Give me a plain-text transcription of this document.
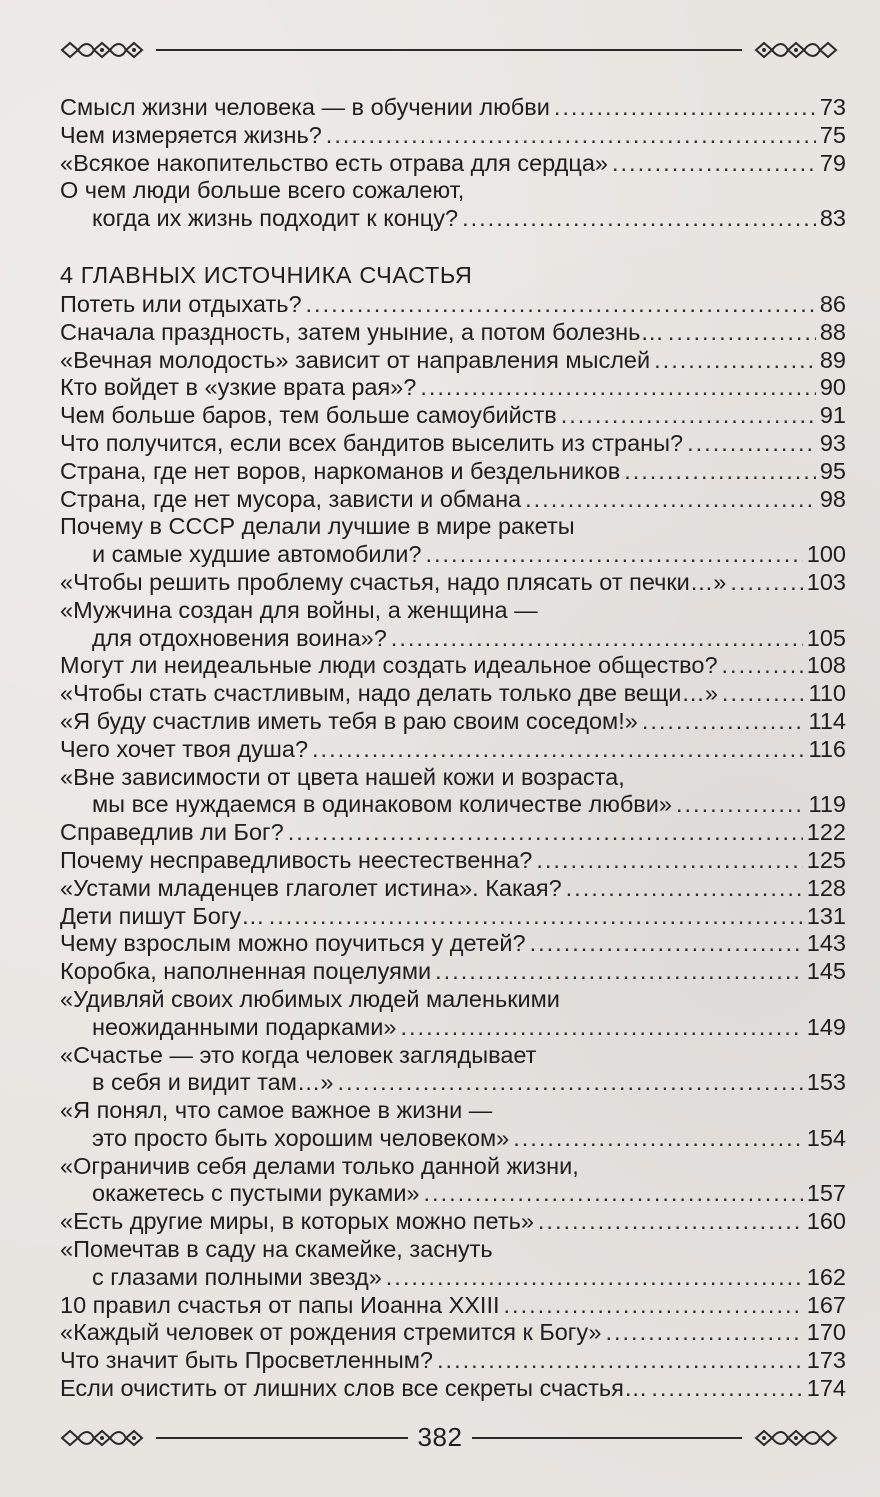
Смысл жизни человека — в обучении любви .....	73
Чем измеряется жизнь? .....	75
«Всякое накопительство есть отрава для сердца» .....	79
О чем люди больше всего сожалеют,
когда их жизнь подходит к концу? .....	83
4 ГЛАВНЫХ ИСТОЧНИКА СЧАСТЬЯ
Потеть или отдыхать? .....	86
Сначала праздность, затем уныние, а потом болезнь… .....	88
«Вечная молодость» зависит от направления мыслей .....	89
Кто войдет в «узкие врата рая»? .....	90
Чем больше баров, тем больше самоубийств .....	91
Что получится, если всех бандитов выселить из страны? .....	93
Страна, где нет воров, наркоманов и бездельников .....	95
Страна, где нет мусора, зависти и обмана .....	98
Почему в СССР делали лучшие в мире ракеты
и самые худшие автомобили? .....	100
«Чтобы решить проблему счастья, надо плясать от печки…» .....	103
«Мужчина создан для войны, а женщина —
для отдохновения воина»? .....	105
Могут ли неидеальные люди создать идеальное общество? .....	108
«Чтобы стать счастливым, надо делать только две вещи…» .....	110
«Я буду счастлив иметь тебя в раю своим соседом!» .....	114
Чего хочет твоя душа? .....	116
«Вне зависимости от цвета нашей кожи и возраста,
мы все нуждаемся в одинаковом количестве любви» .....	119
Справедлив ли Бог? .....	122
Почему несправедливость неестественна? .....	125
«Устами младенцев глаголет истина». Какая? .....	128
Дети пишут Богу… .....	131
Чему взрослым можно поучиться у детей? .....	143
Коробка, наполненная поцелуями .....	145
«Удивляй своих любимых людей маленькими
неожиданными подарками» .....	149
«Счастье — это когда человек заглядывает
в себя и видит там…» .....	153
«Я понял, что самое важное в жизни —
это просто быть хорошим человеком» .....	154
«Ограничив себя делами только данной жизни,
окажетесь с пустыми руками» .....	157
«Есть другие миры, в которых можно петь» .....	160
«Помечтав в саду на скамейке, заснуть
с глазами полными звезд» .....	162
10 правил счастья от папы Иоанна XXIII .....	167
«Каждый человек от рождения стремится к Богу» .....	170
Что значит быть Просветленным? .....	173
Если очистить от лишних слов все секреты счастья… .....	174
382
